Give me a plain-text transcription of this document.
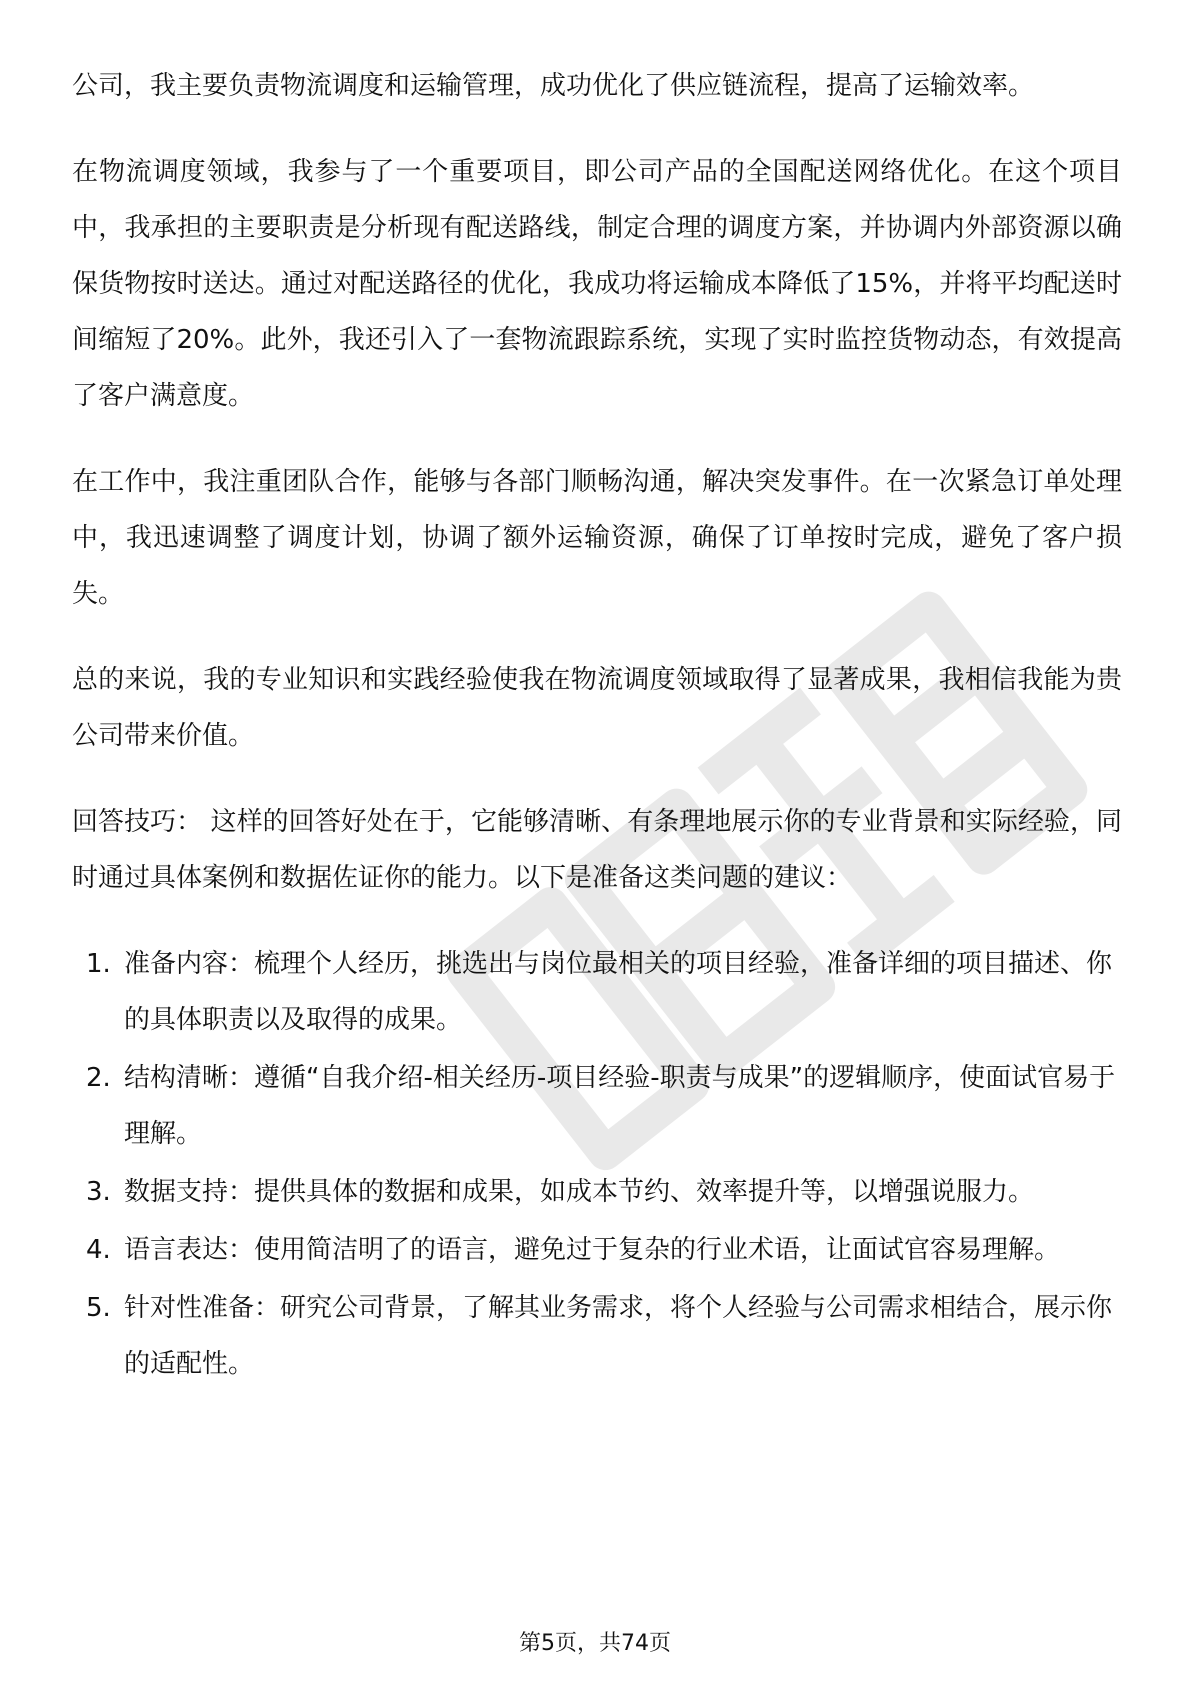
公司，我主要负责物流调度和运输管理，成功优化了供应链流程，提高了运输效率。

在物流调度领域，我参与了一个重要项目，即公司产品的全国配送网络优化。在这个项目中，我承担的主要职责是分析现有配送路线，制定合理的调度方案，并协调内外部资源以确保货物按时送达。通过对配送路径的优化，我成功将运输成本降低了15%，并将平均配送时间缩短了20%。此外，我还引入了一套物流跟踪系统，实现了实时监控货物动态，有效提高了客户满意度。

在工作中，我注重团队合作，能够与各部门顺畅沟通，解决突发事件。在一次紧急订单处理中，我迅速调整了调度计划，协调了额外运输资源，确保了订单按时完成，避免了客户损失。

总的来说，我的专业知识和实践经验使我在物流调度领域取得了显著成果，我相信我能为贵公司带来价值。

回答技巧： 这样的回答好处在于，它能够清晰、有条理地展示你的专业背景和实际经验，同时通过具体案例和数据佐证你的能力。以下是准备这类问题的建议：

1. 准备内容：梳理个人经历，挑选出与岗位最相关的项目经验，准备详细的项目描述、你的具体职责以及取得的成果。
2. 结构清晰：遵循“自我介绍-相关经历-项目经验-职责与成果”的逻辑顺序，使面试官易于理解。
3. 数据支持：提供具体的数据和成果，如成本节约、效率提升等，以增强说服力。
4. 语言表达：使用简洁明了的语言，避免过于复杂的行业术语，让面试官容易理解。
5. 针对性准备：研究公司背景，了解其业务需求，将个人经验与公司需求相结合，展示你的适配性。
第5页，共74页
